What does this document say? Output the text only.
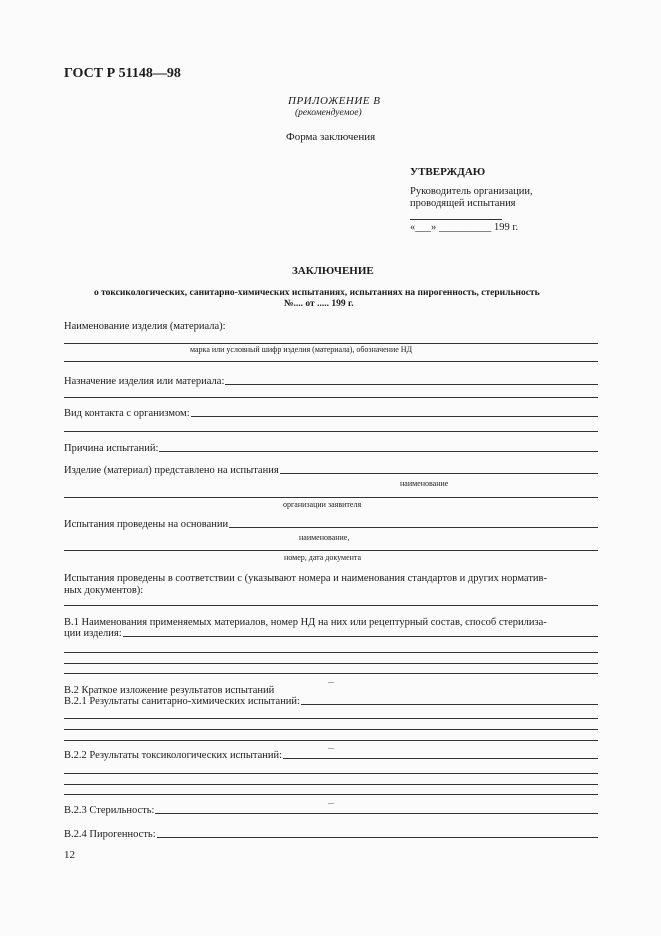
ГОСТ Р 51148—98
ПРИЛОЖЕНИЕ В
(рекомендуемое)
Форма заключения
УТВЕРЖДАЮ
Руководитель организации,
проводящей испытания
«___» __________ 199 г.
ЗАКЛЮЧЕНИЕ
о токсикологических, санитарно-химических испытаниях, испытаниях на пирогенность, стерильность
№.... от ..... 199 г.
Наименование изделия (материала):
марка или условный шифр изделия (материала), обозначение НД
Назначение изделия или материала:
Вид контакта с организмом:
Причина испытаний:
Изделие (материал) представлено на испытания
наименование
организации заявителя
Испытания проведены на основании
наименование,
номер, дата документа
Испытания проведены в соответствии с (указывают номера и наименования стандартов и других норматив-
ных документов):
В.1 Наименования применяемых материалов, номер НД на них или рецептурный состав, способ стерилиза-
ции изделия:
...
В.2 Краткое изложение результатов испытаний
В.2.1 Результаты санитарно-химических испытаний:
...
В.2.2 Результаты токсикологических испытаний:
...
В.2.3 Стерильность:
В.2.4 Пирогенность:
12
